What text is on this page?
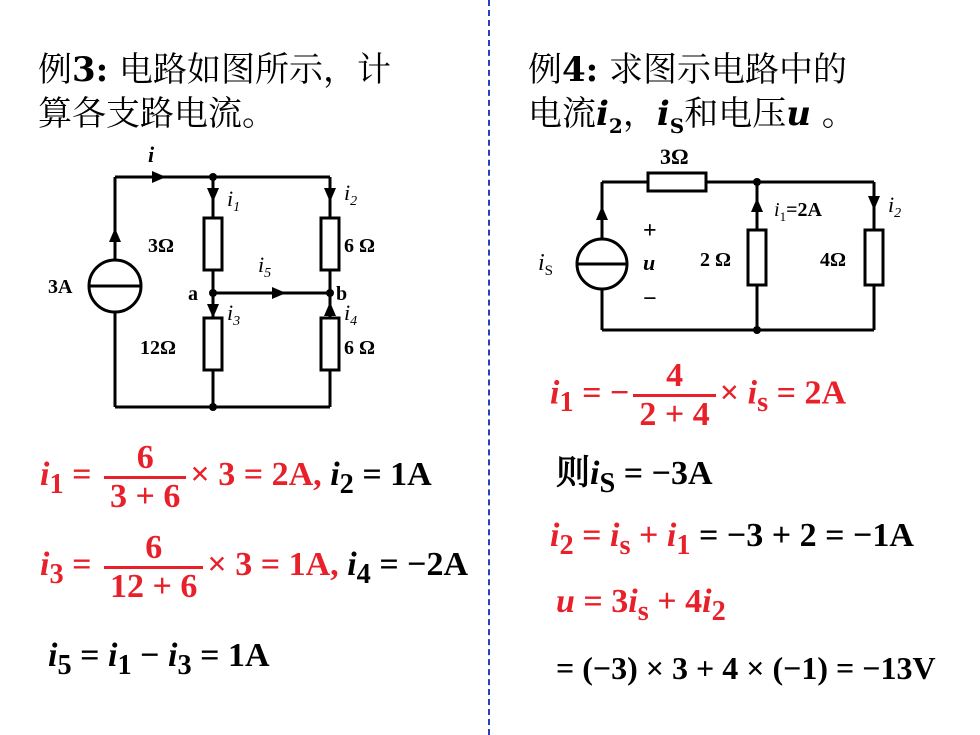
例3: 电路如图所示，计
算各支路电流。
i
$i_1$
$i_2$
$i_5$
$i_3$	$i_4$
3Ω	6 Ω
12Ω	6 Ω
3A	a	b
$i_1 = \frac{6}{3 + 6} \times 3 = 2A$, $i_2 = 1A$
$i_3 = \frac{6}{12 + 6} \times 3 = 1A$, $i_4 = -2A$
$i_5 = i_1 - i_3 = 1A$
例4: 求图示电路中的
电流$i_2$，$i_S$和电压u 。
3Ω
2 Ω	4Ω
$i_S$
+
u
−
$i_1=2A$	$i_2$
$i_1$ = − $\frac{4}{2 + 4} \times i_s = 2A$
则$i_S = -3A$
$i_2 = i_s + i_1 = -3 + 2 = -1A$
$u = 3i_s + 4i_2$
= (−3) × 3 + 4 × (−1) = −13V
